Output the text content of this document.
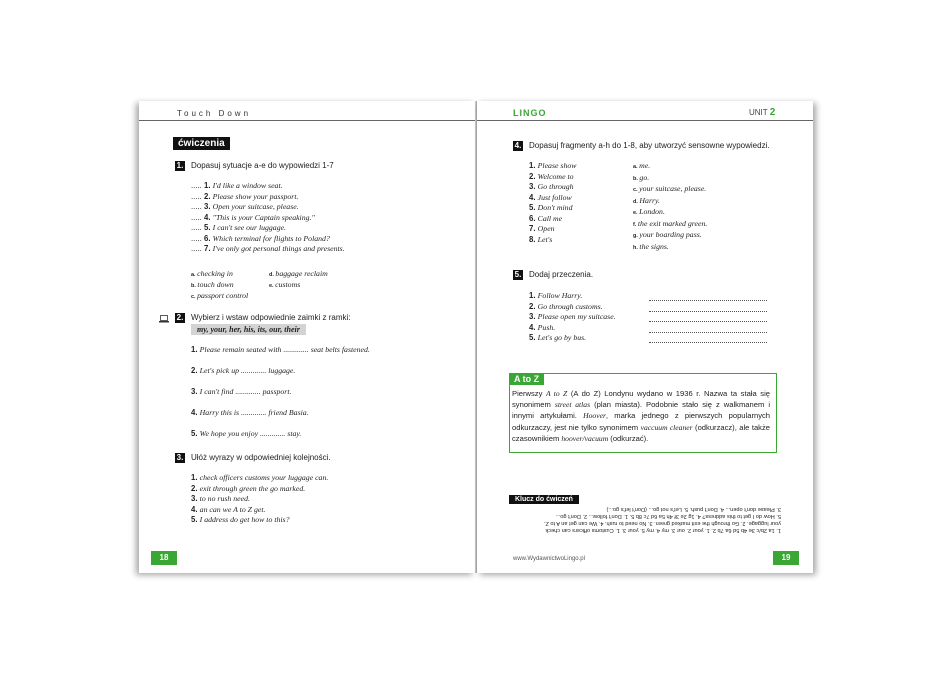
Touch Down
ćwiczenia
1. Dopasuj sytuacje a-e do wypowiedzi 1-7
..... 1. I'd like a window seat.
..... 2. Please show your passport.
..... 3. Open your suitcase, please.
..... 4. "This is your Captain speaking."
..... 5. I can't see our luggage.
..... 6. Which terminal for flights to Poland?
..... 7. I've only got personal things and presents.
a. checking in
b. touch down
c. passport control
d. baggage reclaim
e. customs
2. Wybierz i wstaw odpowiednie zaimki z ramki:
my, your, her, his, its, our, their
1. Please remain seated with ............. seat belts fastened.
2. Let's pick up ............. luggage.
3. I can't find ............. passport.
4. Harry this is ............. friend Basia.
5. We hope you enjoy ............. stay.
3. Ułóż wyrazy w odpowiedniej kolejności.
1. check officers customs your luggage can.
2. exit through green the go marked.
3. to no rush need.
4. an can we A to Z get.
5. I address do get how to this?
18
LINGO	UNIT 2
4. Dopasuj fragmenty a-h do 1-8, aby utworzyć sensowne wypowiedzi.
1. Please show
2. Welcome to
3. Go through
4. Just follow
5. Don't mind
6. Call me
7. Open
8. Let's
a. me.
b. go.
c. your suitcase, please.
d. Harry.
e. London.
f. the exit marked green.
g. your boarding pass.
h. the signs.
5. Dodaj przeczenia.
1. Follow Harry.
2. Go through customs.
3. Please open my suitcase.
4. Push.
5. Let's go by bus.
A to Z
Pierwszy A to Z (A do Z) Londynu wydano w 1936 r. Nazwa ta stała się synonimem street atlas (plan miasta). Podobnie stało się z walkmanem i innymi artykułami. Hoover, marka jednego z pierwszych popularnych odkurzaczy, jest nie tylko synonimem vaccuum cleaner (odkurzacz), ale także czasownikiem hoover/vacuum (odkurzać).
Klucz do ćwiczeń
1. 1a 2b/c 3e 4b 5d 6a 7b 2. 1. your 2. our 3. my 4. my 5. your 3. 1. Customs officers can check
your luggage. 2. Go through the exit marked green. 3. No need to rush. 4. We can get an A to Z.
5. How do I get to this address? 4. 1g 2e 3f 4h 5a 6d 7c 8b 5. 1. Don't follow... 2. Don't go...
3. Please don't open... 4. Don't push. 5. Let's not go... (Don't let's go...)
www.WydawnictwoLingo.pl	19
